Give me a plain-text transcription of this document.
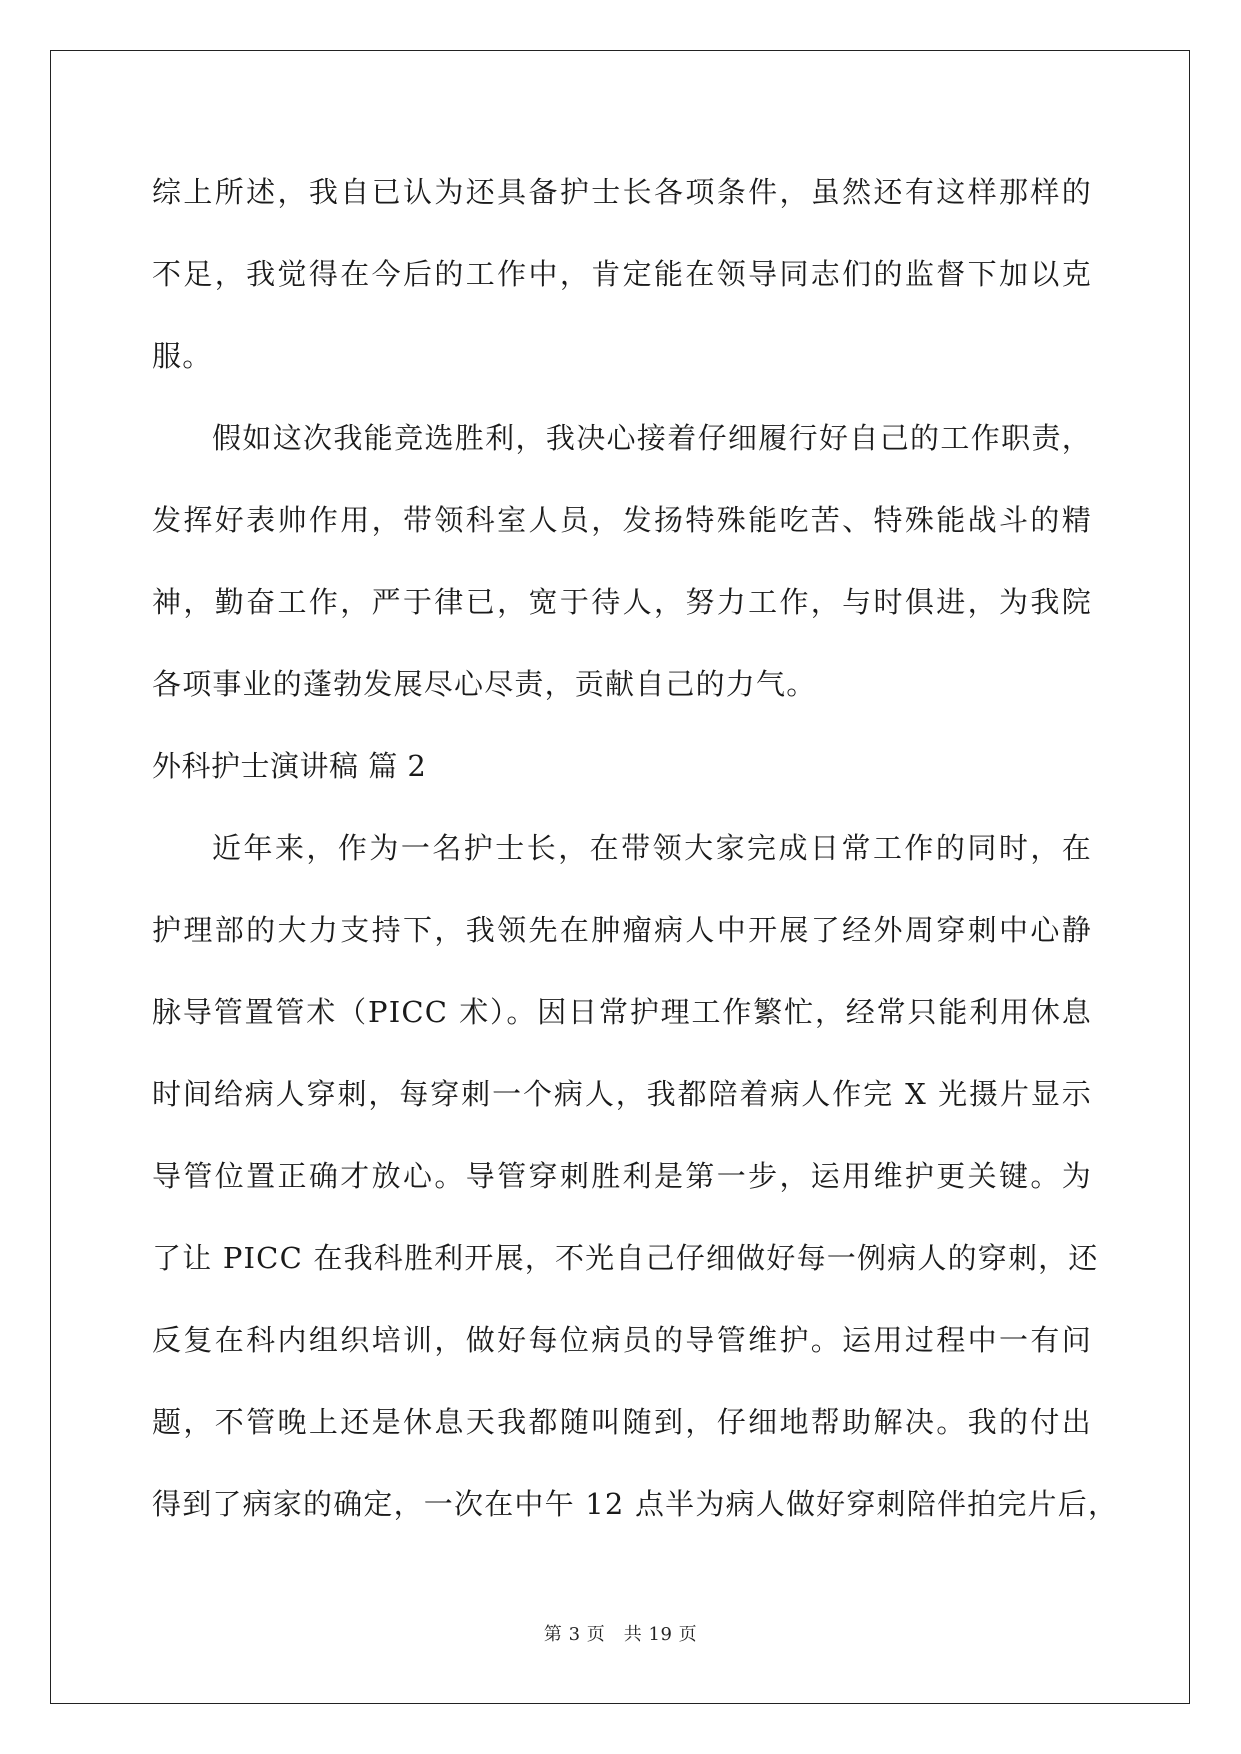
综上所述，我自已认为还具备护士长各项条件，虽然还有这样那样的
不足，我觉得在今后的工作中，肯定能在领导同志们的监督下加以克
服。
假如这次我能竞选胜利，我决心接着仔细履行好自己的工作职责，
发挥好表帅作用，带领科室人员，发扬特殊能吃苦、特殊能战斗的精
神，勤奋工作，严于律已，宽于待人，努力工作，与时俱进，为我院
各项事业的蓬勃发展尽心尽责，贡献自己的力气。
外科护士演讲稿 篇 2
近年来，作为一名护士长，在带领大家完成日常工作的同时，在
护理部的大力支持下，我领先在肿瘤病人中开展了经外周穿刺中心静
脉导管置管术（PICC 术）。因日常护理工作繁忙，经常只能利用休息
时间给病人穿刺，每穿刺一个病人，我都陪着病人作完 X 光摄片显示
导管位置正确才放心。导管穿刺胜利是第一步，运用维护更关键。为
了让 PICC 在我科胜利开展，不光自己仔细做好每一例病人的穿刺，还
反复在科内组织培训，做好每位病员的导管维护。运用过程中一有问
题，不管晚上还是休息天我都随叫随到，仔细地帮助解决。我的付出
得到了病家的确定，一次在中午 12 点半为病人做好穿刺陪伴拍完片后，
第 3 页　共 19 页
